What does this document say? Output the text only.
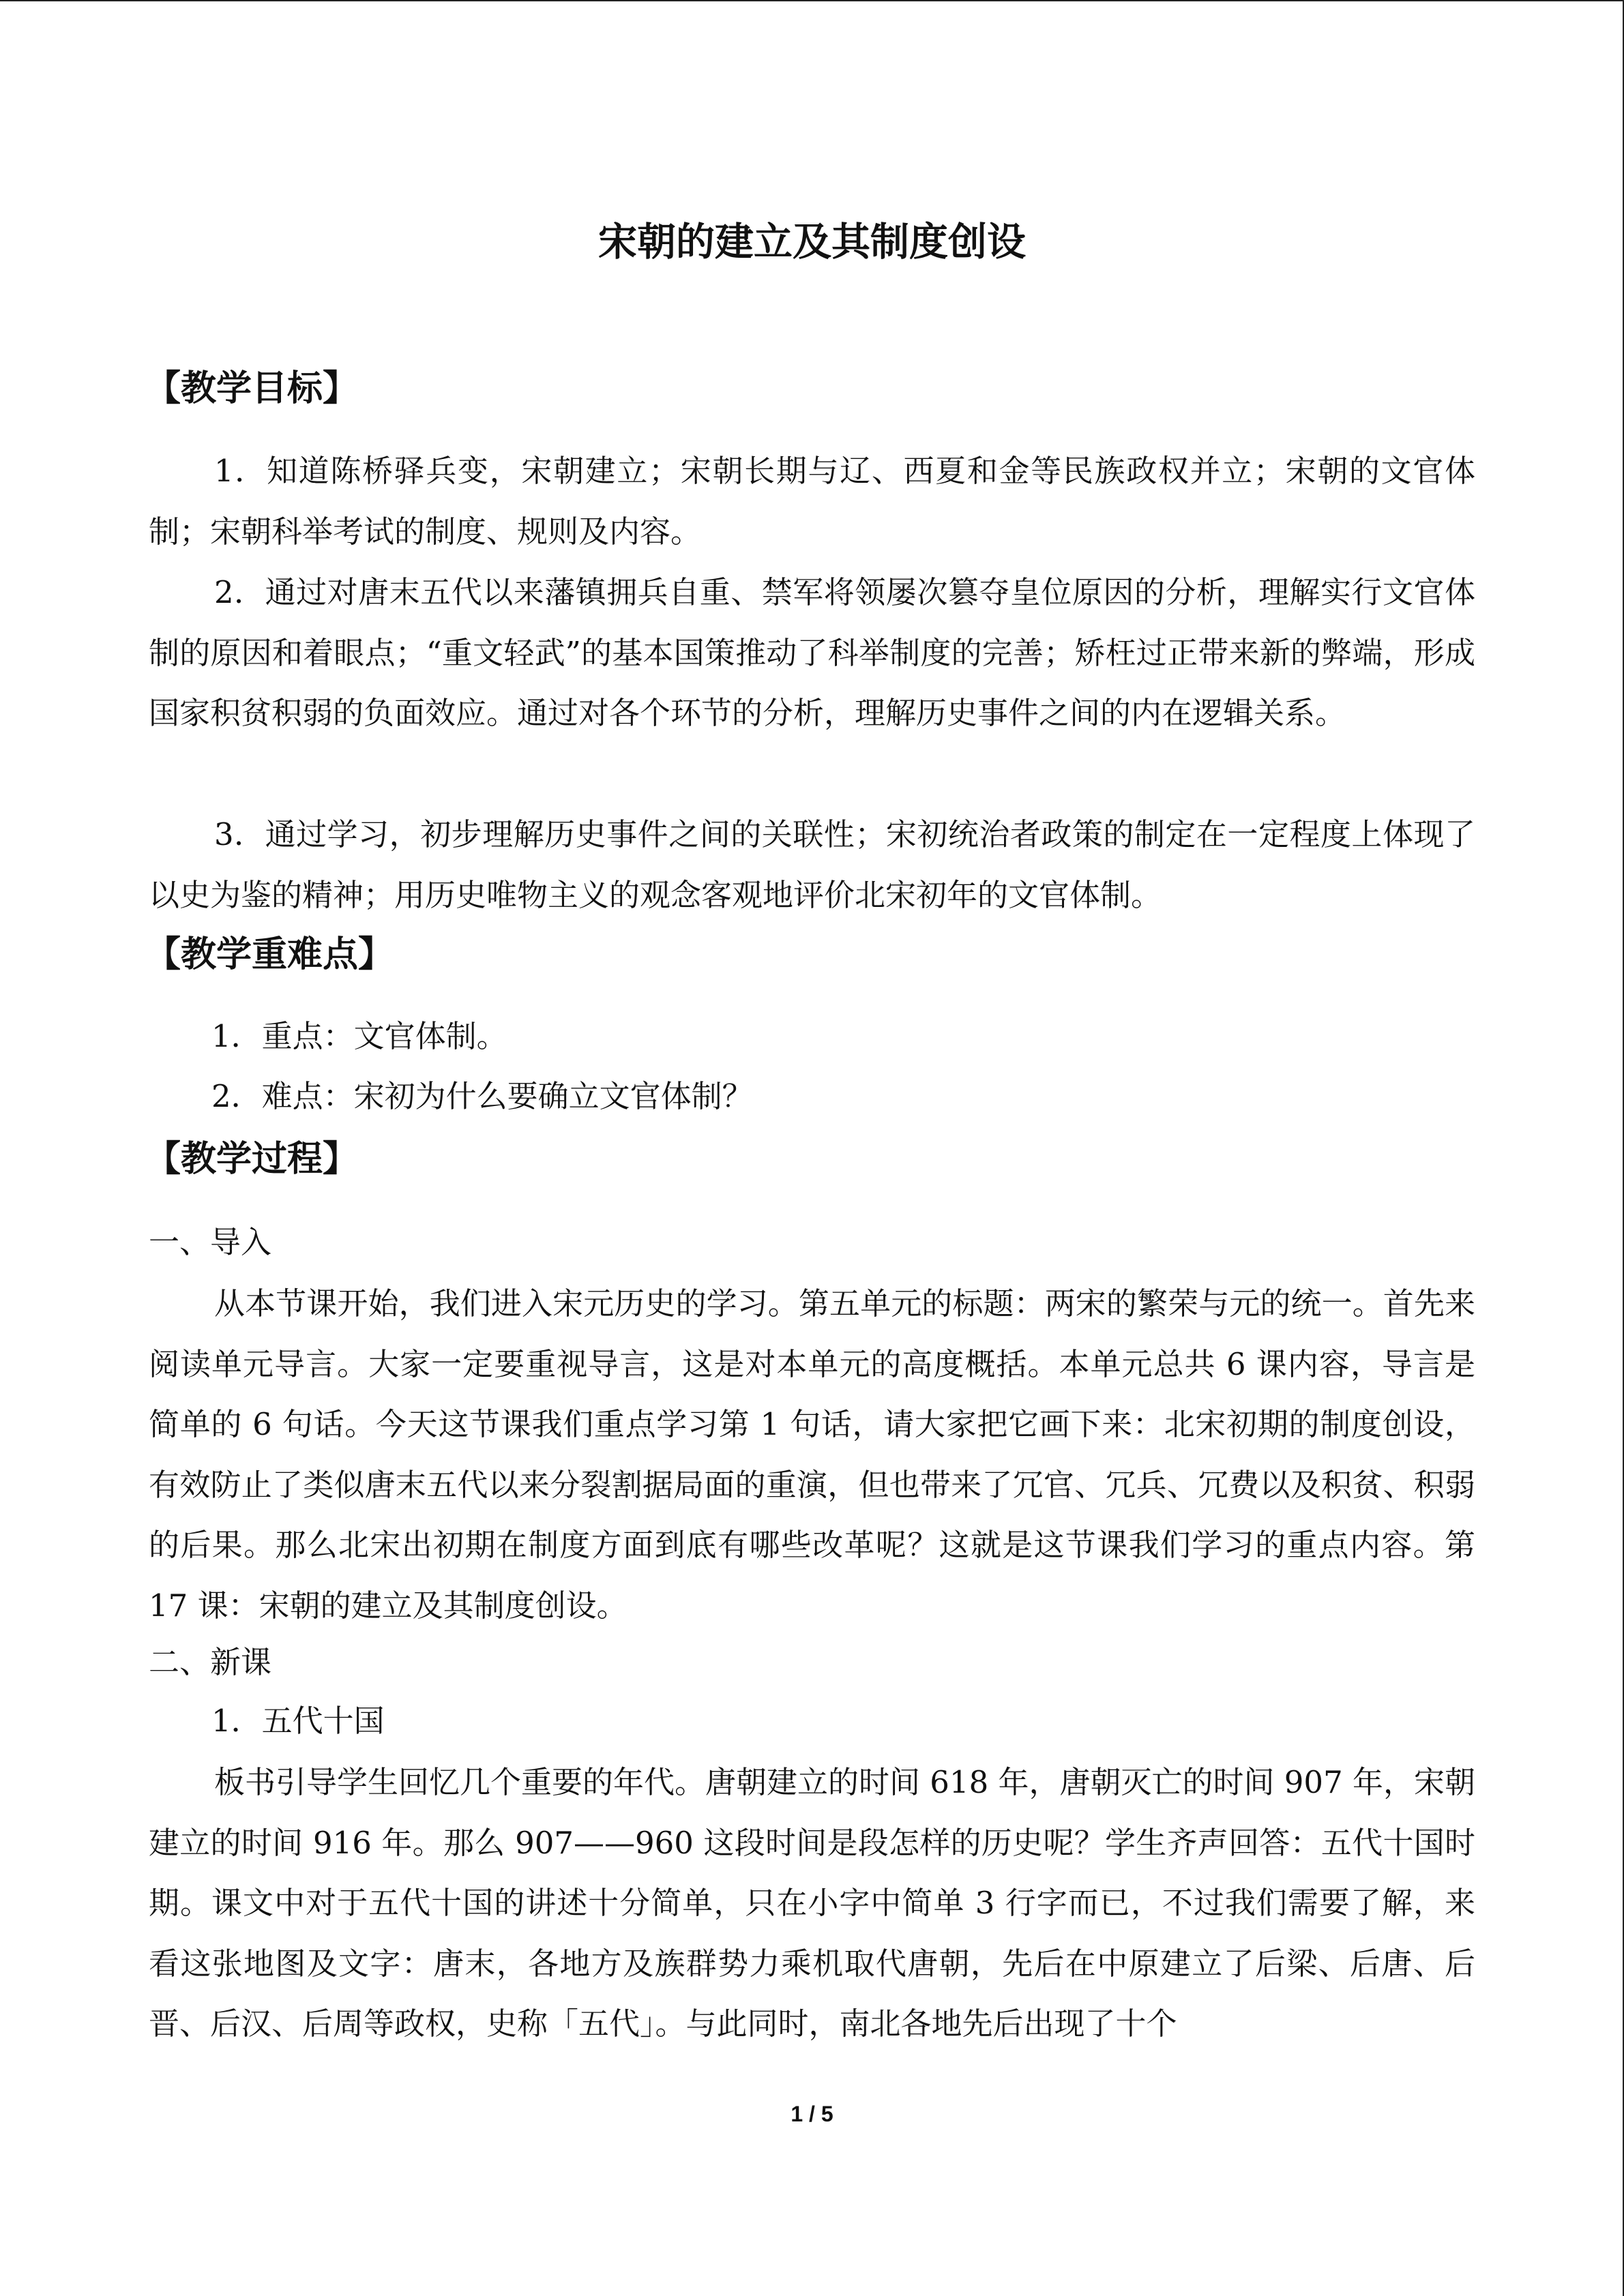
宋朝的建立及其制度创设
【教学目标】

1．知道陈桥驿兵变，宋朝建立；宋朝长期与辽、西夏和金等民族政权并立；宋朝的文官体制；宋朝科举考试的制度、规则及内容。

2．通过对唐末五代以来藩镇拥兵自重、禁军将领屡次篡夺皇位原因的分析，理解实行文官体制的原因和着眼点；“重文轻武”的基本国策推动了科举制度的完善；矫枉过正带来新的弊端，形成国家积贫积弱的负面效应。通过对各个环节的分析，理解历史事件之间的内在逻辑关系。

3．通过学习，初步理解历史事件之间的关联性；宋初统治者政策的制定在一定程度上体现了以史为鉴的精神；用历史唯物主义的观念客观地评价北宋初年的文官体制。

【教学重难点】
1．重点：文官体制。
2．难点：宋初为什么要确立文官体制？
【教学过程】
一、导入

从本节课开始，我们进入宋元历史的学习。第五单元的标题：两宋的繁荣与元的统一。首先来阅读单元导言。大家一定要重视导言，这是对本单元的高度概括。本单元总共 6 课内容，导言是简单的 6 句话。今天这节课我们重点学习第 1 句话，请大家把它画下来：北宋初期的制度创设，有效防止了类似唐末五代以来分裂割据局面的重演，但也带来了冗官、冗兵、冗费以及积贫、积弱的后果。那么北宋出初期在制度方面到底有哪些改革呢？这就是这节课我们学习的重点内容。第 17 课：宋朝的建立及其制度创设。

二、新课
1．五代十国

板书引导学生回忆几个重要的年代。唐朝建立的时间 618 年，唐朝灭亡的时间 907 年，宋朝建立的时间 916 年。那么 907——960 这段时间是段怎样的历史呢？学生齐声回答：五代十国时期。课文中对于五代十国的讲述十分简单，只在小字中简单 3 行字而已，不过我们需要了解，来看这张地图及文字：唐末，各地方及族群势力乘机取代唐朝，先后在中原建立了后梁、后唐、后晋、后汉、后周等政权，史称「五代」。与此同时，南北各地先后出现了十个

1 / 5
